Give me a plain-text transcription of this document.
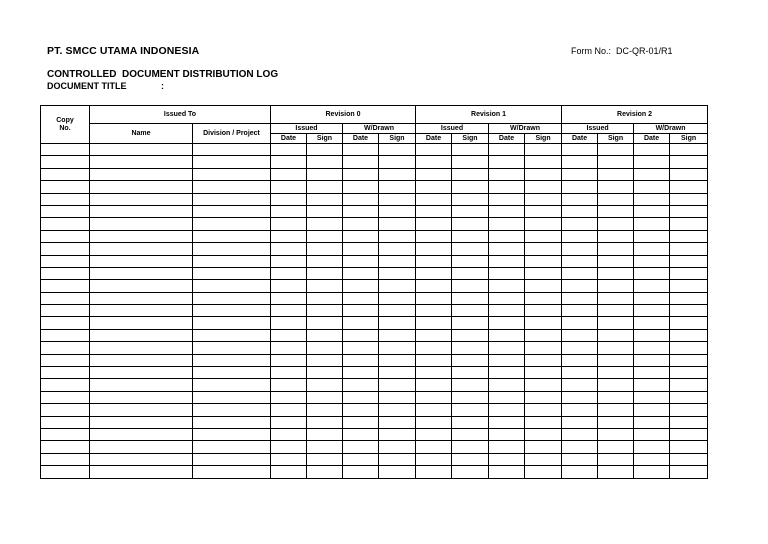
PT. SMCC UTAMA INDONESIA	Form No.: DC-QR-01/R1
CONTROLLED  DOCUMENT DISTRIBUTION LOG
DOCUMENT TITLE	:
Copy
No.	Issued To		Revision 0				Revision 1				Revision 2			
	Name	Division / Project	Issued		W/Drawn		Issued		W/Drawn		Issued		W/Drawn	
			Date	Sign	Date	Sign	Date	Sign	Date	Sign	Date	Sign	Date	Sign
